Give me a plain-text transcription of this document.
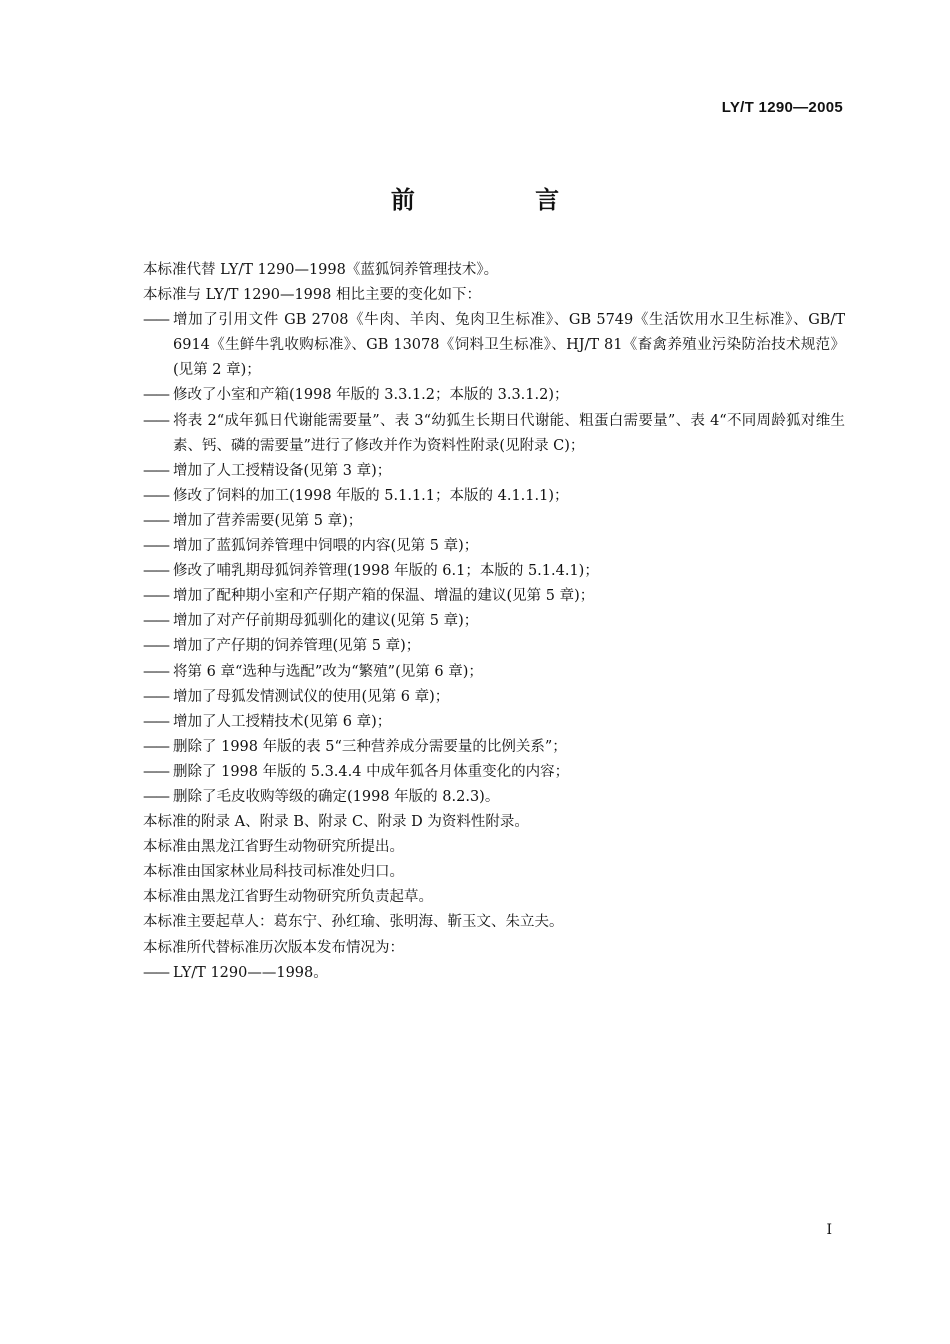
LY/T 1290—2005
前 言
本标准代替 LY/T 1290—1998《蓝狐饲养管理技术》。
本标准与 LY/T 1290—1998 相比主要的变化如下：
—— 增加了引用文件 GB 2708《牛肉、羊肉、兔肉卫生标准》、GB 5749《生活饮用水卫生标准》、GB/T 6914《生鲜牛乳收购标准》、GB 13078《饲料卫生标准》、HJ/T 81《畜禽养殖业污染防治技术规范》(见第 2 章)；
—— 修改了小室和产箱(1998 年版的 3.3.1.2；本版的 3.3.1.2)；
—— 将表 2“成年狐日代谢能需要量”、表 3“幼狐生长期日代谢能、粗蛋白需要量”、表 4“不同周龄狐对维生素、钙、磷的需要量”进行了修改并作为资料性附录(见附录 C)；
—— 增加了人工授精设备(见第 3 章)；
—— 修改了饲料的加工(1998 年版的 5.1.1.1；本版的 4.1.1.1)；
—— 增加了营养需要(见第 5 章)；
—— 增加了蓝狐饲养管理中饲喂的内容(见第 5 章)；
—— 修改了哺乳期母狐饲养管理(1998 年版的 6.1；本版的 5.1.4.1)；
—— 增加了配种期小室和产仔期产箱的保温、增温的建议(见第 5 章)；
—— 增加了对产仔前期母狐驯化的建议(见第 5 章)；
—— 增加了产仔期的饲养管理(见第 5 章)；
—— 将第 6 章“选种与选配”改为“繁殖”(见第 6 章)；
—— 增加了母狐发情测试仪的使用(见第 6 章)；
—— 增加了人工授精技术(见第 6 章)；
—— 删除了 1998 年版的表 5“三种营养成分需要量的比例关系”；
—— 删除了 1998 年版的 5.3.4.4 中成年狐各月体重变化的内容；
—— 删除了毛皮收购等级的确定(1998 年版的 8.2.3)。
本标准的附录 A、附录 B、附录 C、附录 D 为资料性附录。
本标准由黑龙江省野生动物研究所提出。
本标准由国家林业局科技司标准处归口。
本标准由黑龙江省野生动物研究所负责起草。
本标准主要起草人：葛东宁、孙红瑜、张明海、靳玉文、朱立夫。
本标准所代替标准历次版本发布情况为：
—— LY/T 1290——1998。
I
